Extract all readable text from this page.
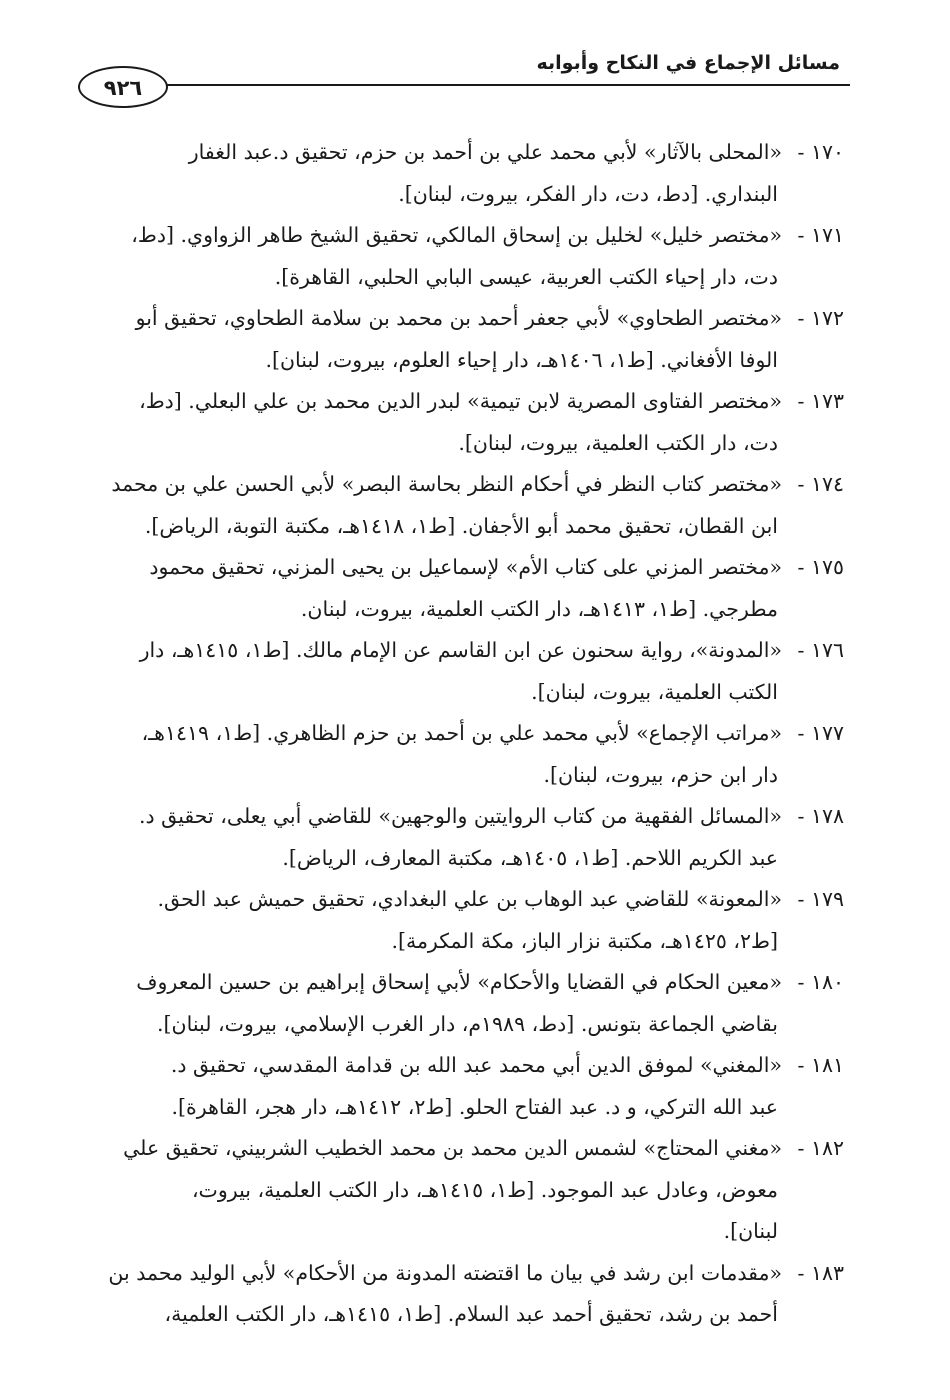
مسائل الإجماع في النكاح وأبوابه
٩٢٦
١٧٠ -«المحلى بالآثار» لأبي محمد علي بن أحمد بن حزم، تحقيق د.عبد الغفار
البنداري. [دط، دت، دار الفكر، بيروت، لبنان].
١٧١ -«مختصر خليل» لخليل بن إسحاق المالكي، تحقيق الشيخ طاهر الزواوي. [دط،
دت، دار إحياء الكتب العربية، عيسى البابي الحلبي، القاهرة].
١٧٢ -«مختصر الطحاوي» لأبي جعفر أحمد بن محمد بن سلامة الطحاوي، تحقيق أبو
الوفا الأفغاني. [ط١، ١٤٠٦هـ، دار إحياء العلوم، بيروت، لبنان].
١٧٣ -«مختصر الفتاوى المصرية لابن تيمية» لبدر الدين محمد بن علي البعلي. [دط،
دت، دار الكتب العلمية، بيروت، لبنان].
١٧٤ -«مختصر كتاب النظر في أحكام النظر بحاسة البصر» لأبي الحسن علي بن محمد
ابن القطان، تحقيق محمد أبو الأجفان. [ط١، ١٤١٨هـ، مكتبة التوبة، الرياض].
١٧٥ -«مختصر المزني على كتاب الأم» لإسماعيل بن يحيى المزني، تحقيق محمود
مطرجي. [ط١، ١٤١٣هـ، دار الكتب العلمية، بيروت، لبنان.
١٧٦ -«المدونة»، رواية سحنون عن ابن القاسم عن الإمام مالك. [ط١، ١٤١٥هـ، دار
الكتب العلمية، بيروت، لبنان].
١٧٧ -«مراتب الإجماع» لأبي محمد علي بن أحمد بن حزم الظاهري. [ط١، ١٤١٩هـ،
دار ابن حزم، بيروت، لبنان].
١٧٨ -«المسائل الفقهية من كتاب الروايتين والوجهين» للقاضي أبي يعلى، تحقيق د.
عبد الكريم اللاحم. [ط١، ١٤٠٥هـ، مكتبة المعارف، الرياض].
١٧٩ -«المعونة» للقاضي عبد الوهاب بن علي البغدادي، تحقيق حميش عبد الحق.
[ط٢، ١٤٢٥هـ، مكتبة نزار الباز، مكة المكرمة].
١٨٠ -«معين الحكام في القضايا والأحكام» لأبي إسحاق إبراهيم بن حسين المعروف
بقاضي الجماعة بتونس. [دط، ١٩٨٩م، دار الغرب الإسلامي، بيروت، لبنان].
١٨١ -«المغني» لموفق الدين أبي محمد عبد الله بن قدامة المقدسي، تحقيق د.
عبد الله التركي، و د. عبد الفتاح الحلو. [ط٢، ١٤١٢هـ، دار هجر، القاهرة].
١٨٢ -«مغني المحتاج» لشمس الدين محمد بن محمد الخطيب الشربيني، تحقيق علي
معوض، وعادل عبد الموجود. [ط١، ١٤١٥هـ، دار الكتب العلمية، بيروت،
لبنان].
١٨٣ -«مقدمات ابن رشد في بيان ما اقتضته المدونة من الأحكام» لأبي الوليد محمد بن
أحمد بن رشد، تحقيق أحمد عبد السلام. [ط١، ١٤١٥هـ، دار الكتب العلمية،
